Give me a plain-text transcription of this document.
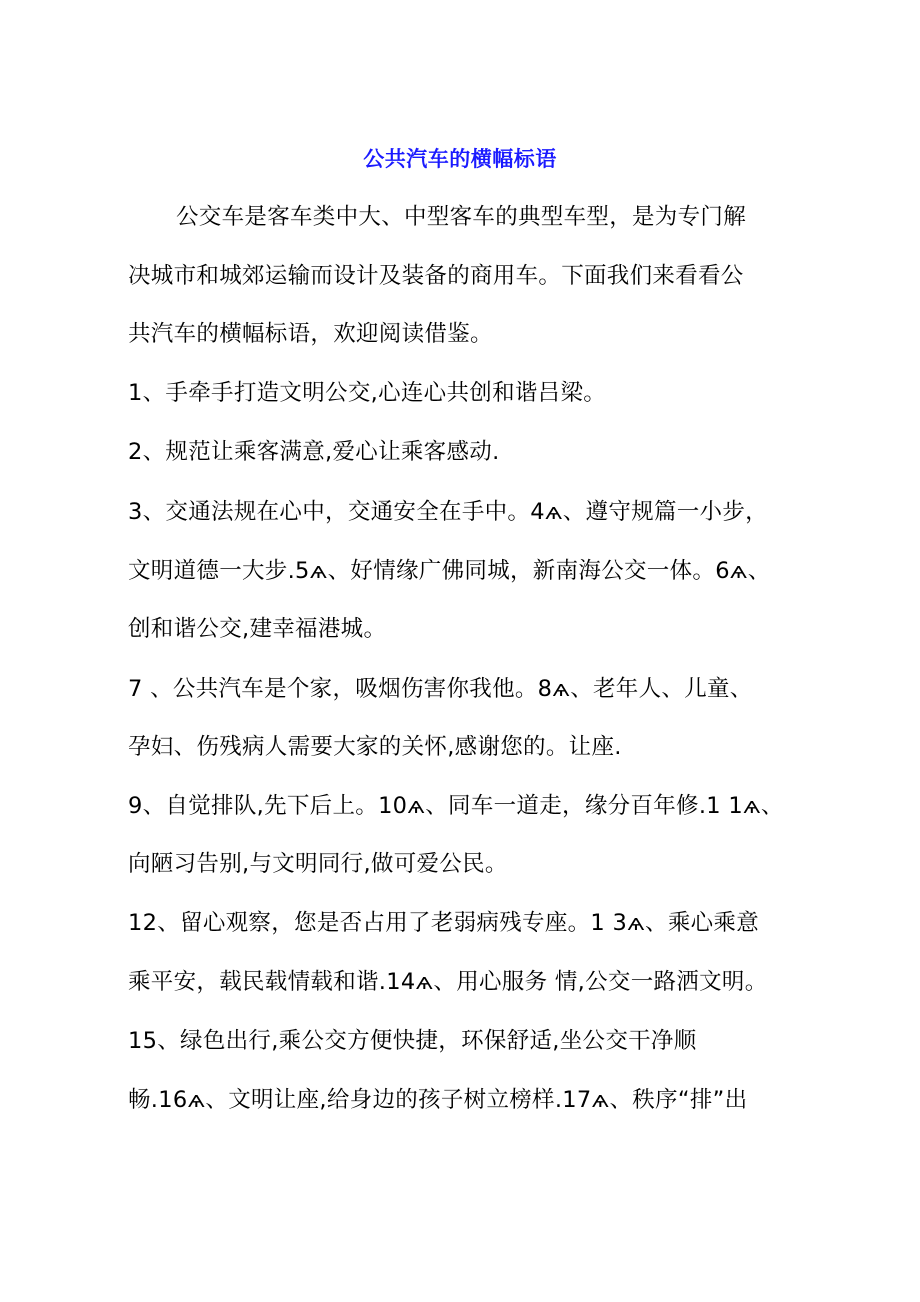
公共汽车的横幅标语
公交车是客车类中大、中型客车的典型车型，是为专门解
决城市和城郊运输而设计及装备的商用车。下面我们来看看公
共汽车的横幅标语，欢迎阅读借鉴。
1、手牵手打造文明公交,心连心共创和谐吕梁。
2、规范让乘客满意,爱心让乘客感动.
3、交通法规在心中，交通安全在手中。4ѧ、遵守规篇一小步，
文明道德一大步.5ѧ、好情缘广佛同城，新南海公交一体。6ѧ、
创和谐公交,建幸福港城。
7 、公共汽车是个家，吸烟伤害你我他。8ѧ、老年人、儿童、
孕妇、伤残病人需要大家的关怀,感谢您的。让座.
9、自觉排队,先下后上。10ѧ、同车一道走，缘分百年修.1 1ѧ、
向陋习告别,与文明同行,做可爱公民。
12、留心观察，您是否占用了老弱病残专座。1 3ѧ、乘心乘意
乘平安，载民载情载和谐.14ѧ、用心服务 情,公交一路洒文明。
15、绿色出行,乘公交方便快捷，环保舒适,坐公交干净顺
畅.16ѧ、文明让座,给身边的孩子树立榜样.17ѧ、秩序“排”出
